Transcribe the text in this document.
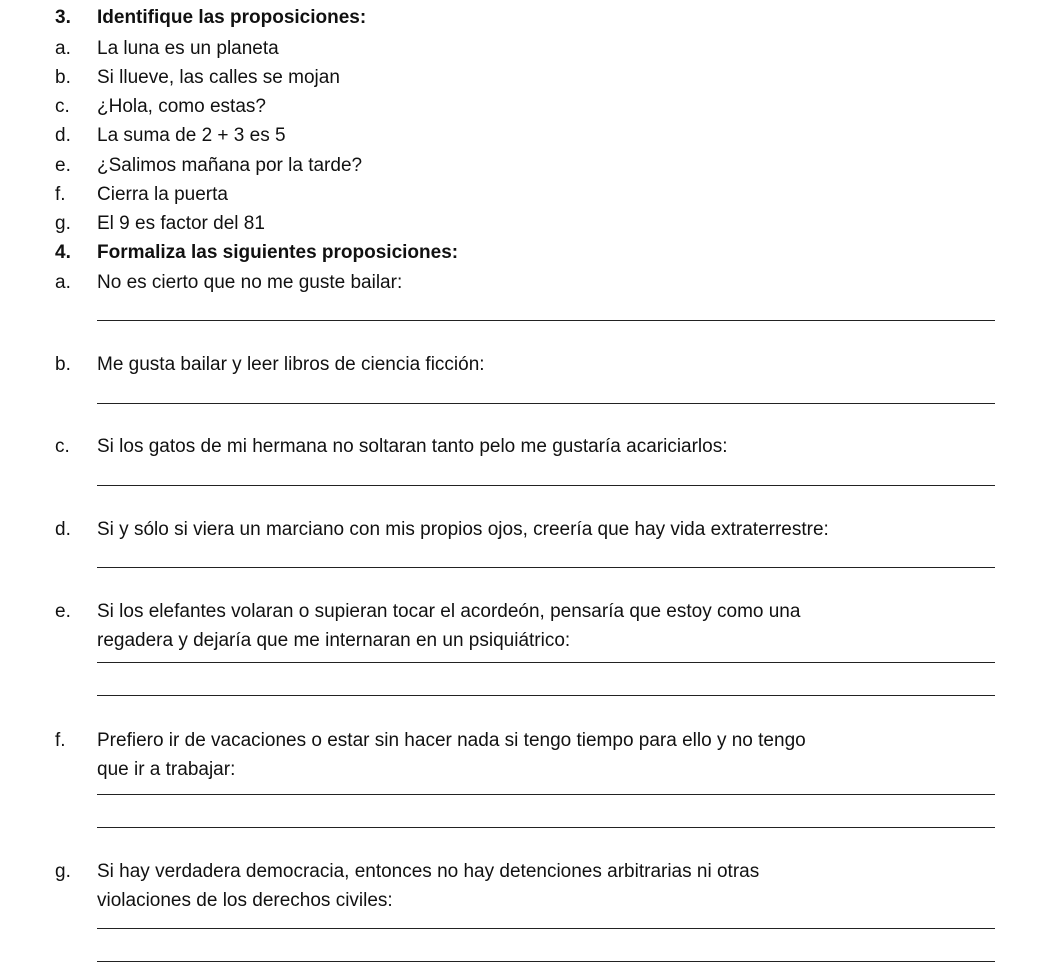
3. Identifique las proposiciones:
a. La luna es un planeta
b. Si llueve, las calles se mojan
c. ¿Hola, como estas?
d. La suma de 2 + 3 es 5
e. ¿Salimos mañana por la tarde?
f. Cierra la puerta
g. El 9 es factor del 81
4. Formaliza las siguientes proposiciones:
a. No es cierto que no me guste bailar:
b. Me gusta bailar y leer libros de ciencia ficción:
c. Si los gatos de mi hermana no soltaran tanto pelo me gustaría acariciarlos:
d. Si y sólo si viera un marciano con mis propios ojos, creería que hay vida extraterrestre:
e. Si los elefantes volaran o supieran tocar el acordeón, pensaría que estoy como una
regadera y dejaría que me internaran en un psiquiátrico:
f. Prefiero ir de vacaciones o estar sin hacer nada si tengo tiempo para ello y no tengo
que ir a trabajar:
g. Si hay verdadera democracia, entonces no hay detenciones arbitrarias ni otras
violaciones de los derechos civiles:
